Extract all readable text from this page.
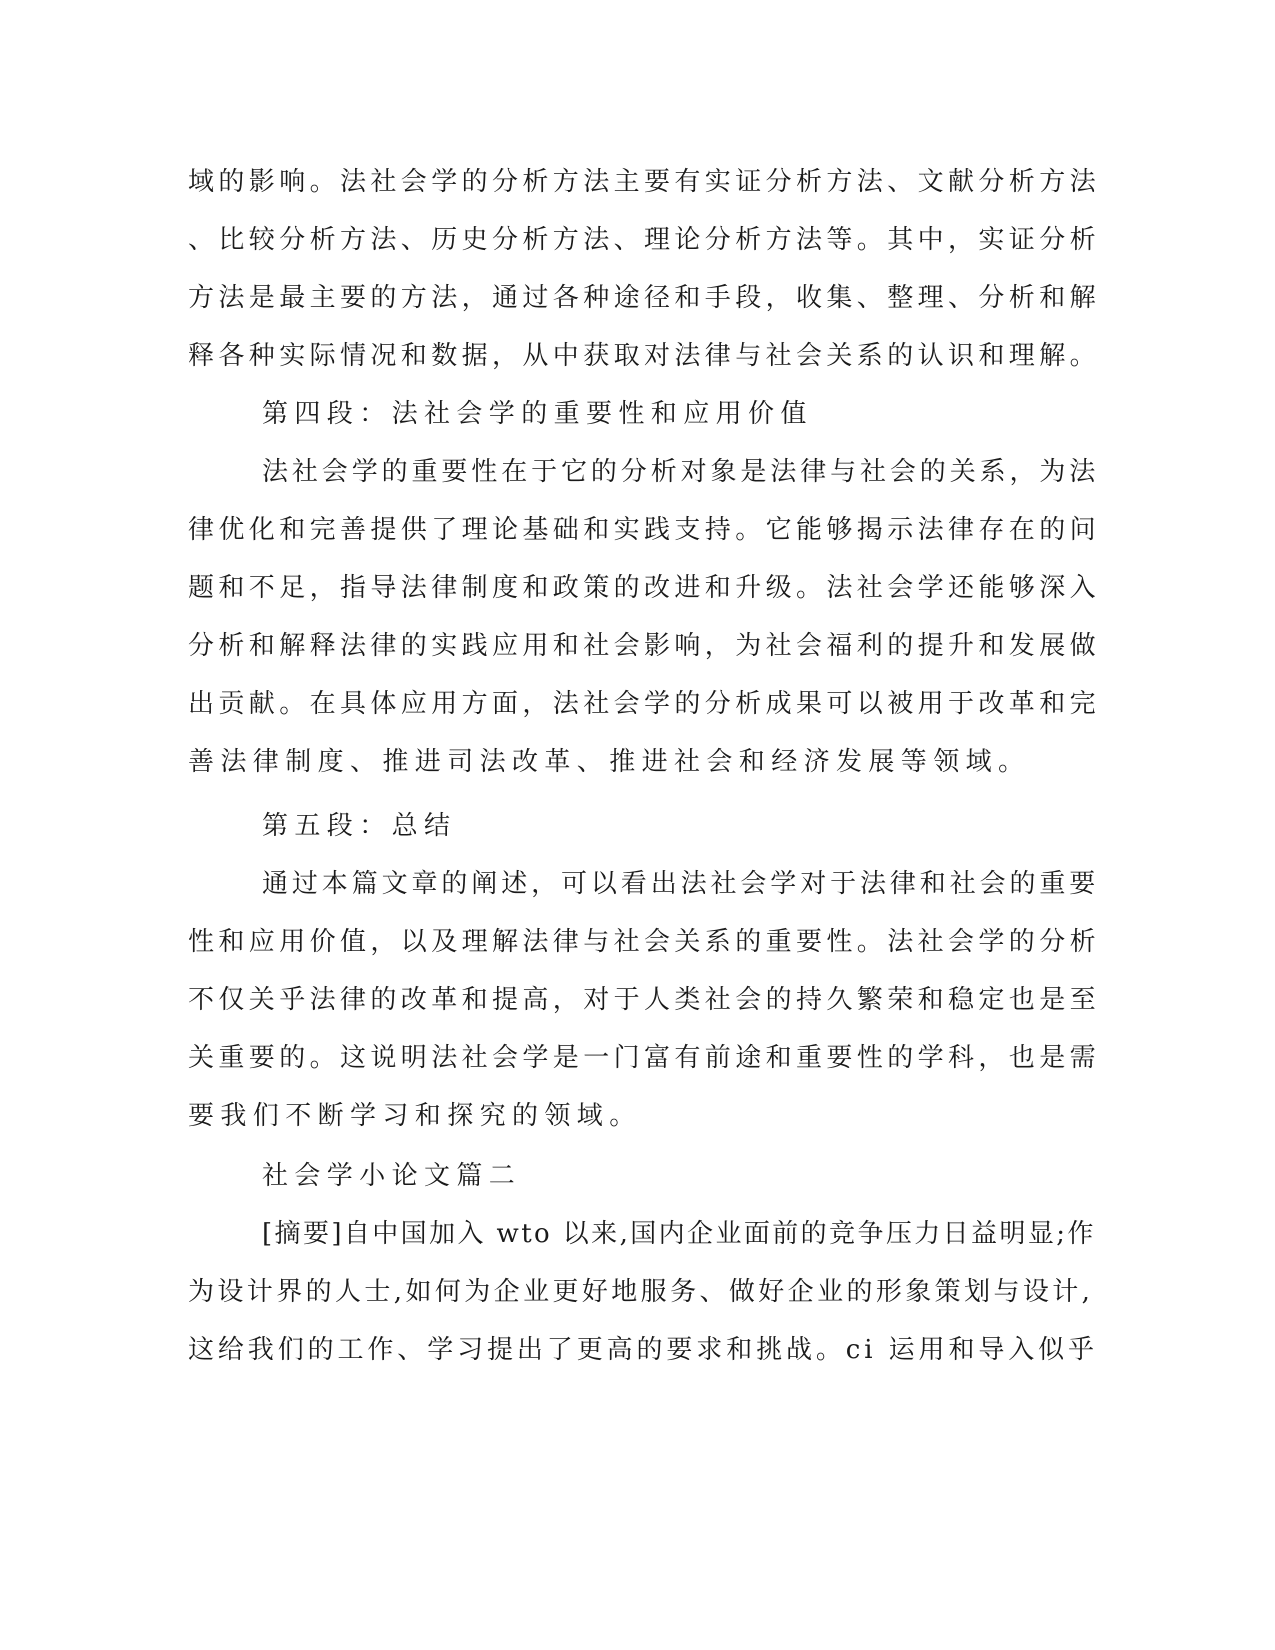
域的影响。法社会学的分析方法主要有实证分析方法、文献分析方法
、比较分析方法、历史分析方法、理论分析方法等。其中，实证分析
方法是最主要的方法，通过各种途径和手段，收集、整理、分析和解
释各种实际情况和数据，从中获取对法律与社会关系的认识和理解。
第四段：法社会学的重要性和应用价值
法社会学的重要性在于它的分析对象是法律与社会的关系，为法
律优化和完善提供了理论基础和实践支持。它能够揭示法律存在的问
题和不足，指导法律制度和政策的改进和升级。法社会学还能够深入
分析和解释法律的实践应用和社会影响，为社会福利的提升和发展做
出贡献。在具体应用方面，法社会学的分析成果可以被用于改革和完
善法律制度、推进司法改革、推进社会和经济发展等领域。
第五段：总结
通过本篇文章的阐述，可以看出法社会学对于法律和社会的重要
性和应用价值，以及理解法律与社会关系的重要性。法社会学的分析
不仅关乎法律的改革和提高，对于人类社会的持久繁荣和稳定也是至
关重要的。这说明法社会学是一门富有前途和重要性的学科，也是需
要我们不断学习和探究的领域。
社会学小论文篇二
[摘要]自中国加入 wto 以来,国内企业面前的竞争压力日益明显;作
为设计界的人士,如何为企业更好地服务、做好企业的形象策划与设计,
这给我们的工作、学习提出了更高的要求和挑战。ci 运用和导入似乎
